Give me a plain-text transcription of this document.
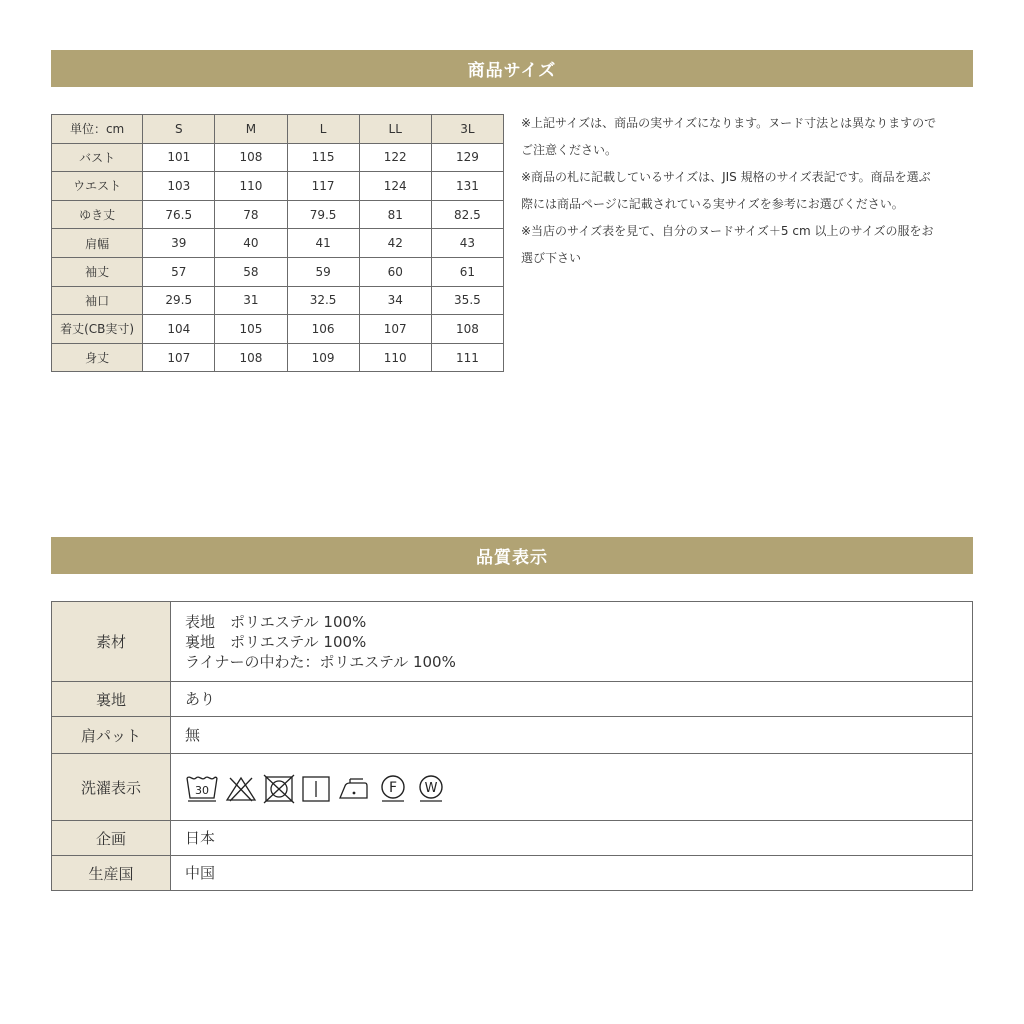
商品サイズ
単位：cm	S	M	L	LL	3L
バスト	101	108	115	122	129
ウエスト	103	110	117	124	131
ゆき丈	76.5	78	79.5	81	82.5
肩幅	39	40	41	42	43
袖丈	57	58	59	60	61
袖口	29.5	31	32.5	34	35.5
着丈(CB実寸)	104	105	106	107	108
身丈	107	108	109	110	111

※上記サイズは、商品の実サイズになります。ヌード寸法とは異なりますので

ご注意ください。

※商品の札に記載しているサイズは、JIS 規格のサイズ表記です。商品を選ぶ

際には商品ページに記載されている実サイズを参考にお選びください。

※当店のサイズ表を見て、自分のヌードサイズ＋5 cm 以上のサイズの服をお

選び下さい

品質表示
素材	表地　ポリエステル 100%
裏地　ポリエステル 100%
ライナーの中わた：ポリエステル 100%

裏地	あり
肩パット	無
洗濯表示	30 F W

企画	日本
生産国	中国
